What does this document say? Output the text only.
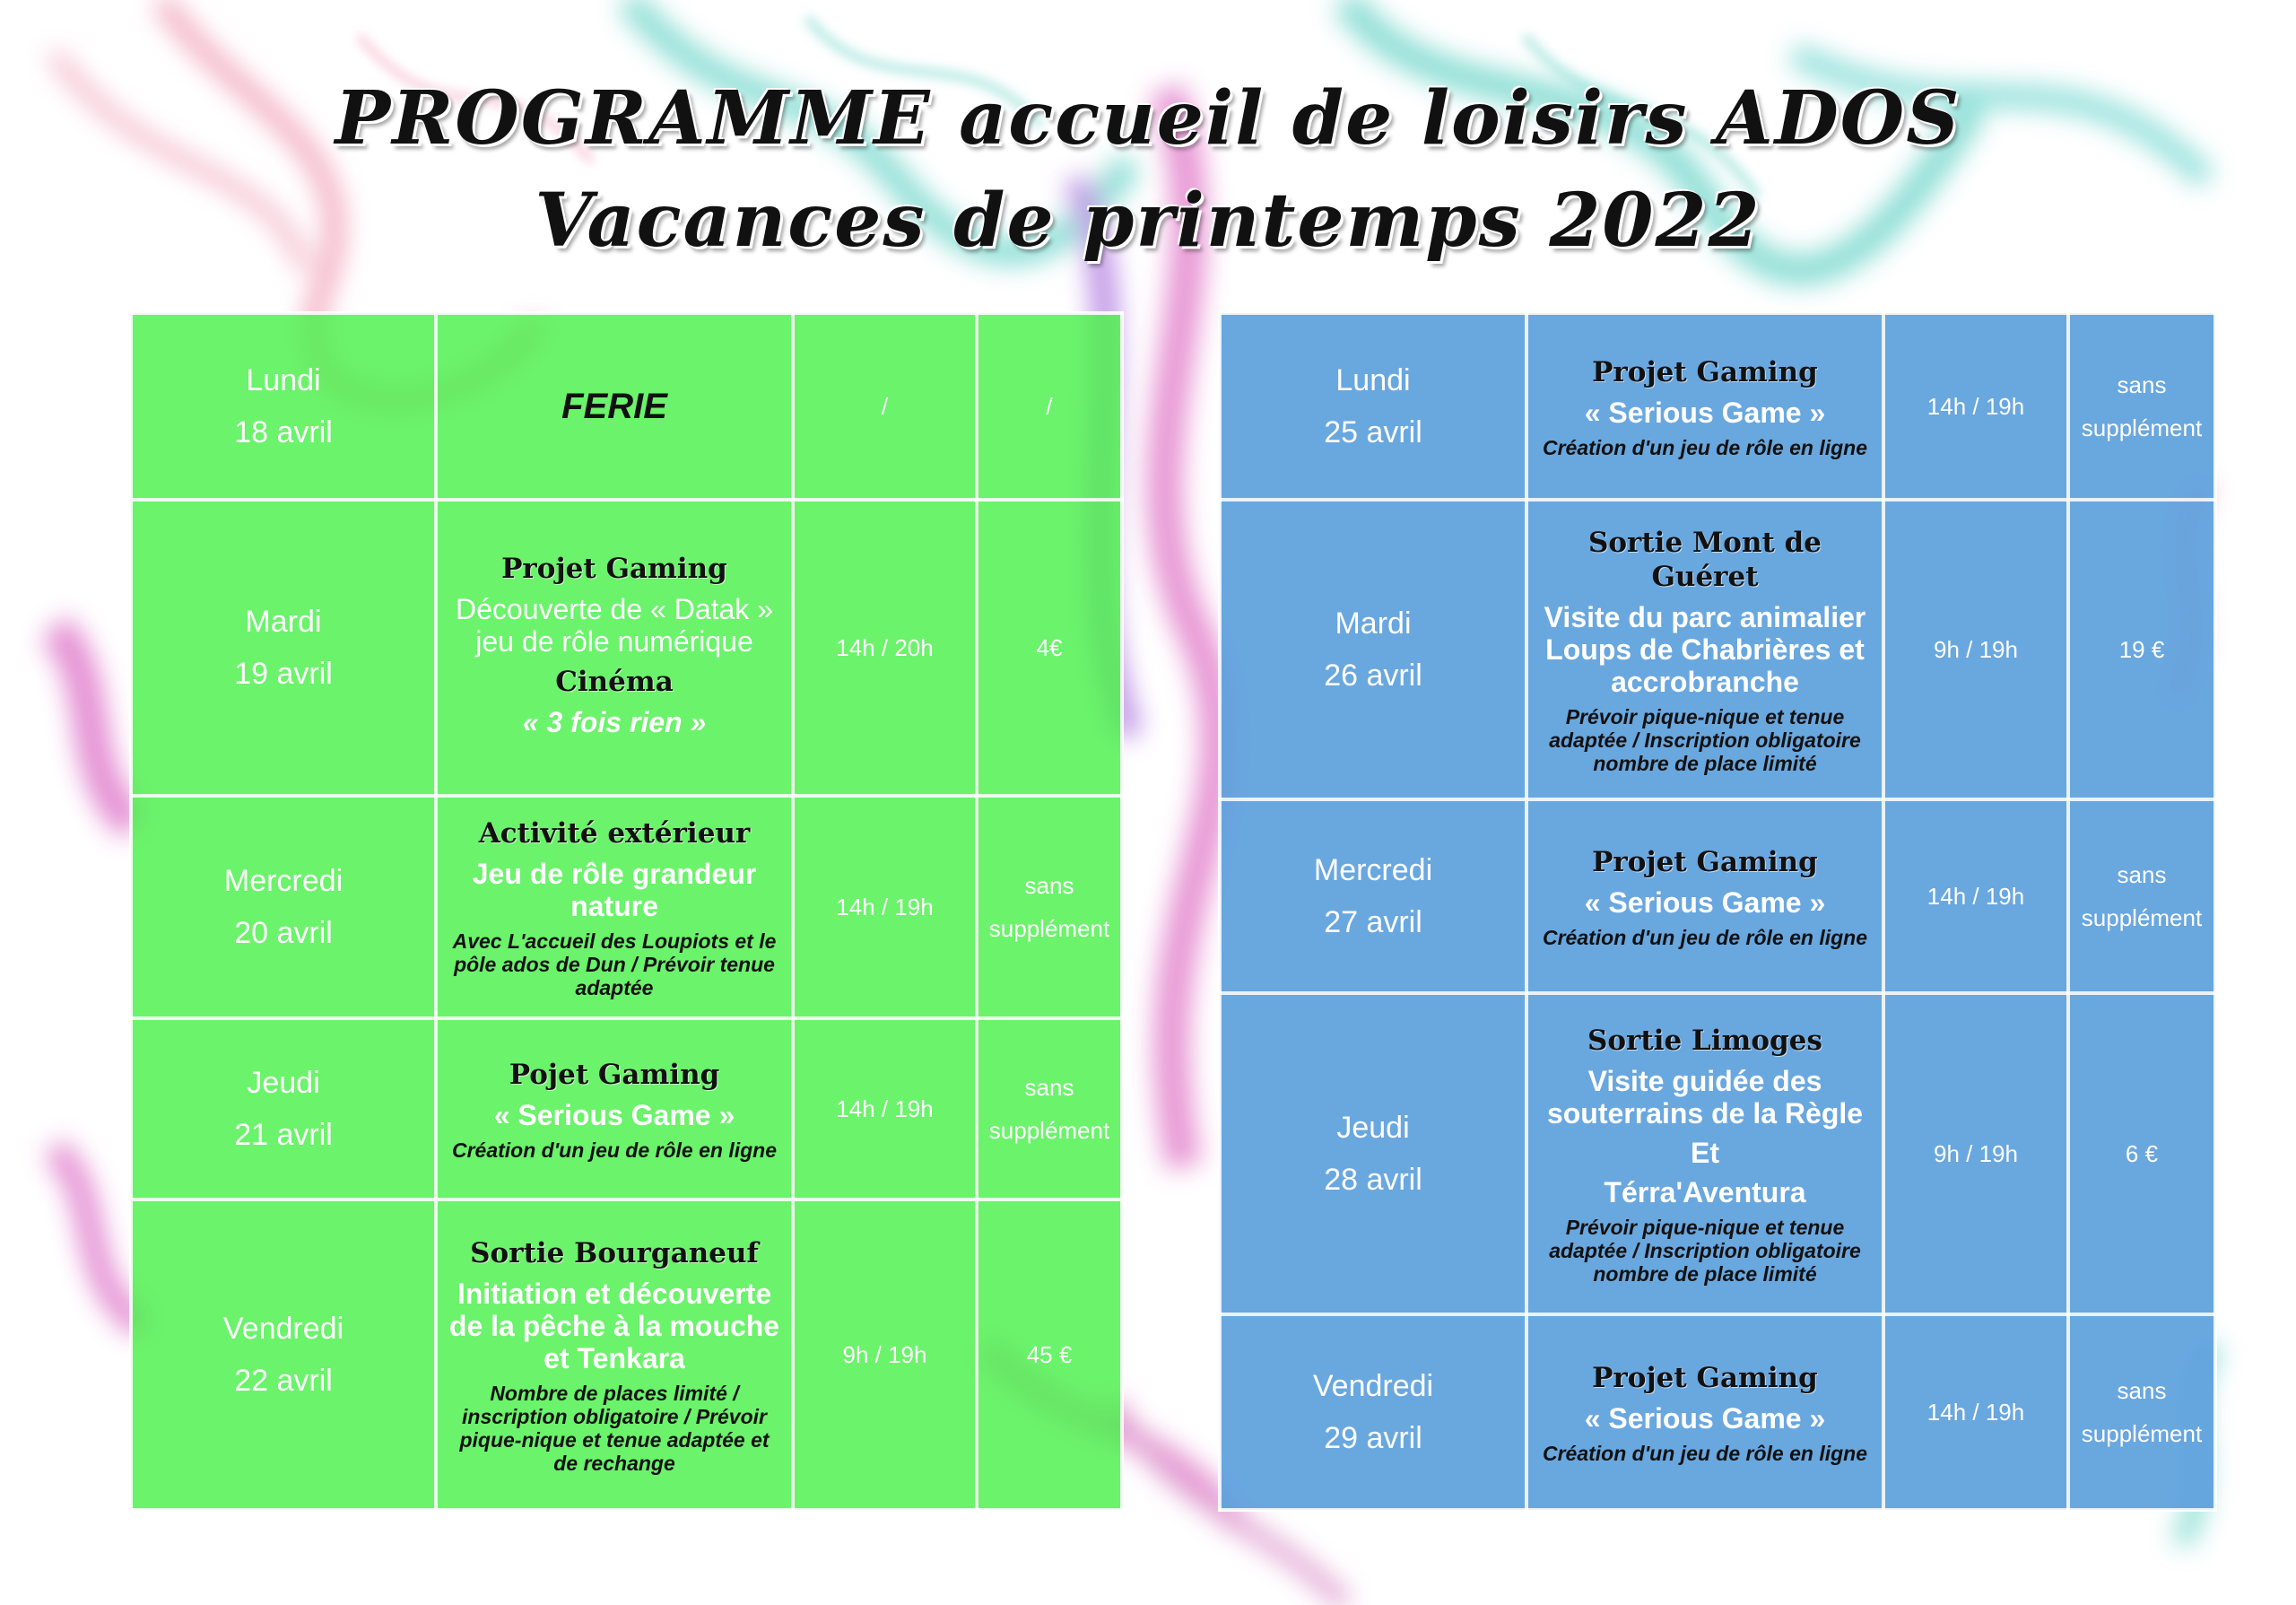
PROGRAMME accueil de loisirs ADOS
Vacances de printemps 2022
Lundi
18 avril	FERIE	/	/
Mardi
19 avril	Projet Gaming
Découverte de « Datak » jeu de rôle numérique
Cinéma
« 3 fois rien »	14h / 20h	4€
Mercredi
20 avril	Activité extérieur
Jeu de rôle grandeur nature
Avec L'accueil des Loupiots et le pôle ados de Dun / Prévoir tenue adaptée	14h / 19h	sans
supplément
Jeudi
21 avril	Pojet Gaming
« Serious Game »
Création d'un jeu de rôle en ligne	14h / 19h	sans
supplément
Vendredi
22 avril	Sortie Bourganeuf
Initiation et découverte de la pêche à la mouche et Tenkara
Nombre de places limité / inscription obligatoire / Prévoir pique-nique et tenue adaptée et de rechange	9h / 19h	45 €
Lundi
25 avril	Projet Gaming
« Serious Game »
Création d'un jeu de rôle en ligne	14h / 19h	sans
supplément
Mardi
26 avril	Sortie Mont de Guéret
Visite du parc animalier Loups de Chabrières et accrobranche
Prévoir pique-nique et tenue adaptée / Inscription obligatoire nombre de place limité	9h / 19h	19 €
Mercredi
27 avril	Projet Gaming
« Serious Game »
Création d'un jeu de rôle en ligne	14h / 19h	sans
supplément
Jeudi
28 avril	Sortie Limoges
Visite guidée des souterrains de la Règle
Et
Térra'Aventura
Prévoir pique-nique et tenue adaptée / Inscription obligatoire nombre de place limité	9h / 19h	6 €
Vendredi
29 avril	Projet Gaming
« Serious Game »
Création d'un jeu de rôle en ligne	14h / 19h	sans
supplément
